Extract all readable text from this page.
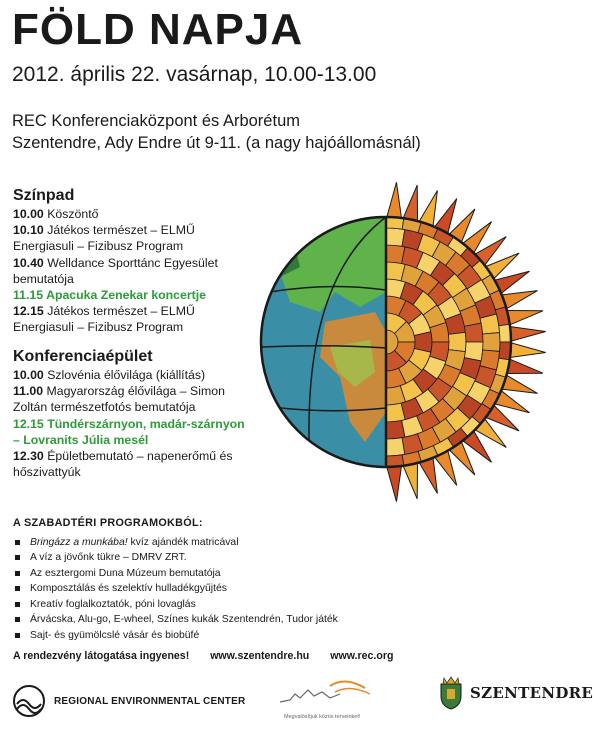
FÖLD NAPJA
2012. április 22. vasárnap, 10.00-13.00
REC Konferenciaközpont és Arborétum
Szentendre, Ady Endre út 9-11. (a nagy hajóállomásnál)
Színpad
10.00 Köszöntő
10.10 Játékos természet – ELMŰ Energiasuli – Fizibusz Program
10.40 Welldance Sporttánc Egyesület bemutatója
11.15 Apacuka Zenekar koncertje
12.15 Játékos természet – ELMŰ Energiasuli – Fizibusz Program
Konferenciaépület
10.00 Szlovénia élővilága (kiállítás)
11.00 Magyarország élővilága – Simon Zoltán természetfotós bemutatója
12.15 Tündérszárnyon, madár-szárnyon – Lovranits Júlia mesél
12.30 Épületbemutató – napenerőmű és hőszivattyúk
A SZABADTÉRI PROGRAMOKBÓL:
Bringázz a munkába! kvíz ajándék matricával
A víz a jövőnk tükre – DMRV ZRT.
Az esztergomi Duna Múzeum bemutatója
Komposztálás és szelektív hulladékgyűjtés
Kreatív foglalkoztatók, póni lovaglás
Árvácska, Alu-go, E-wheel, Színes kukák Szentendrén, Tudor játék
Sajt- és gyümölcslé vásár és biobüfé
A rendezvény látogatása ingyenes! www.szentendre.hu www.rec.org
REGIONAL ENVIRONMENTAL CENTER
Megvalósítjuk közös terveinket!
SZENTENDRE
